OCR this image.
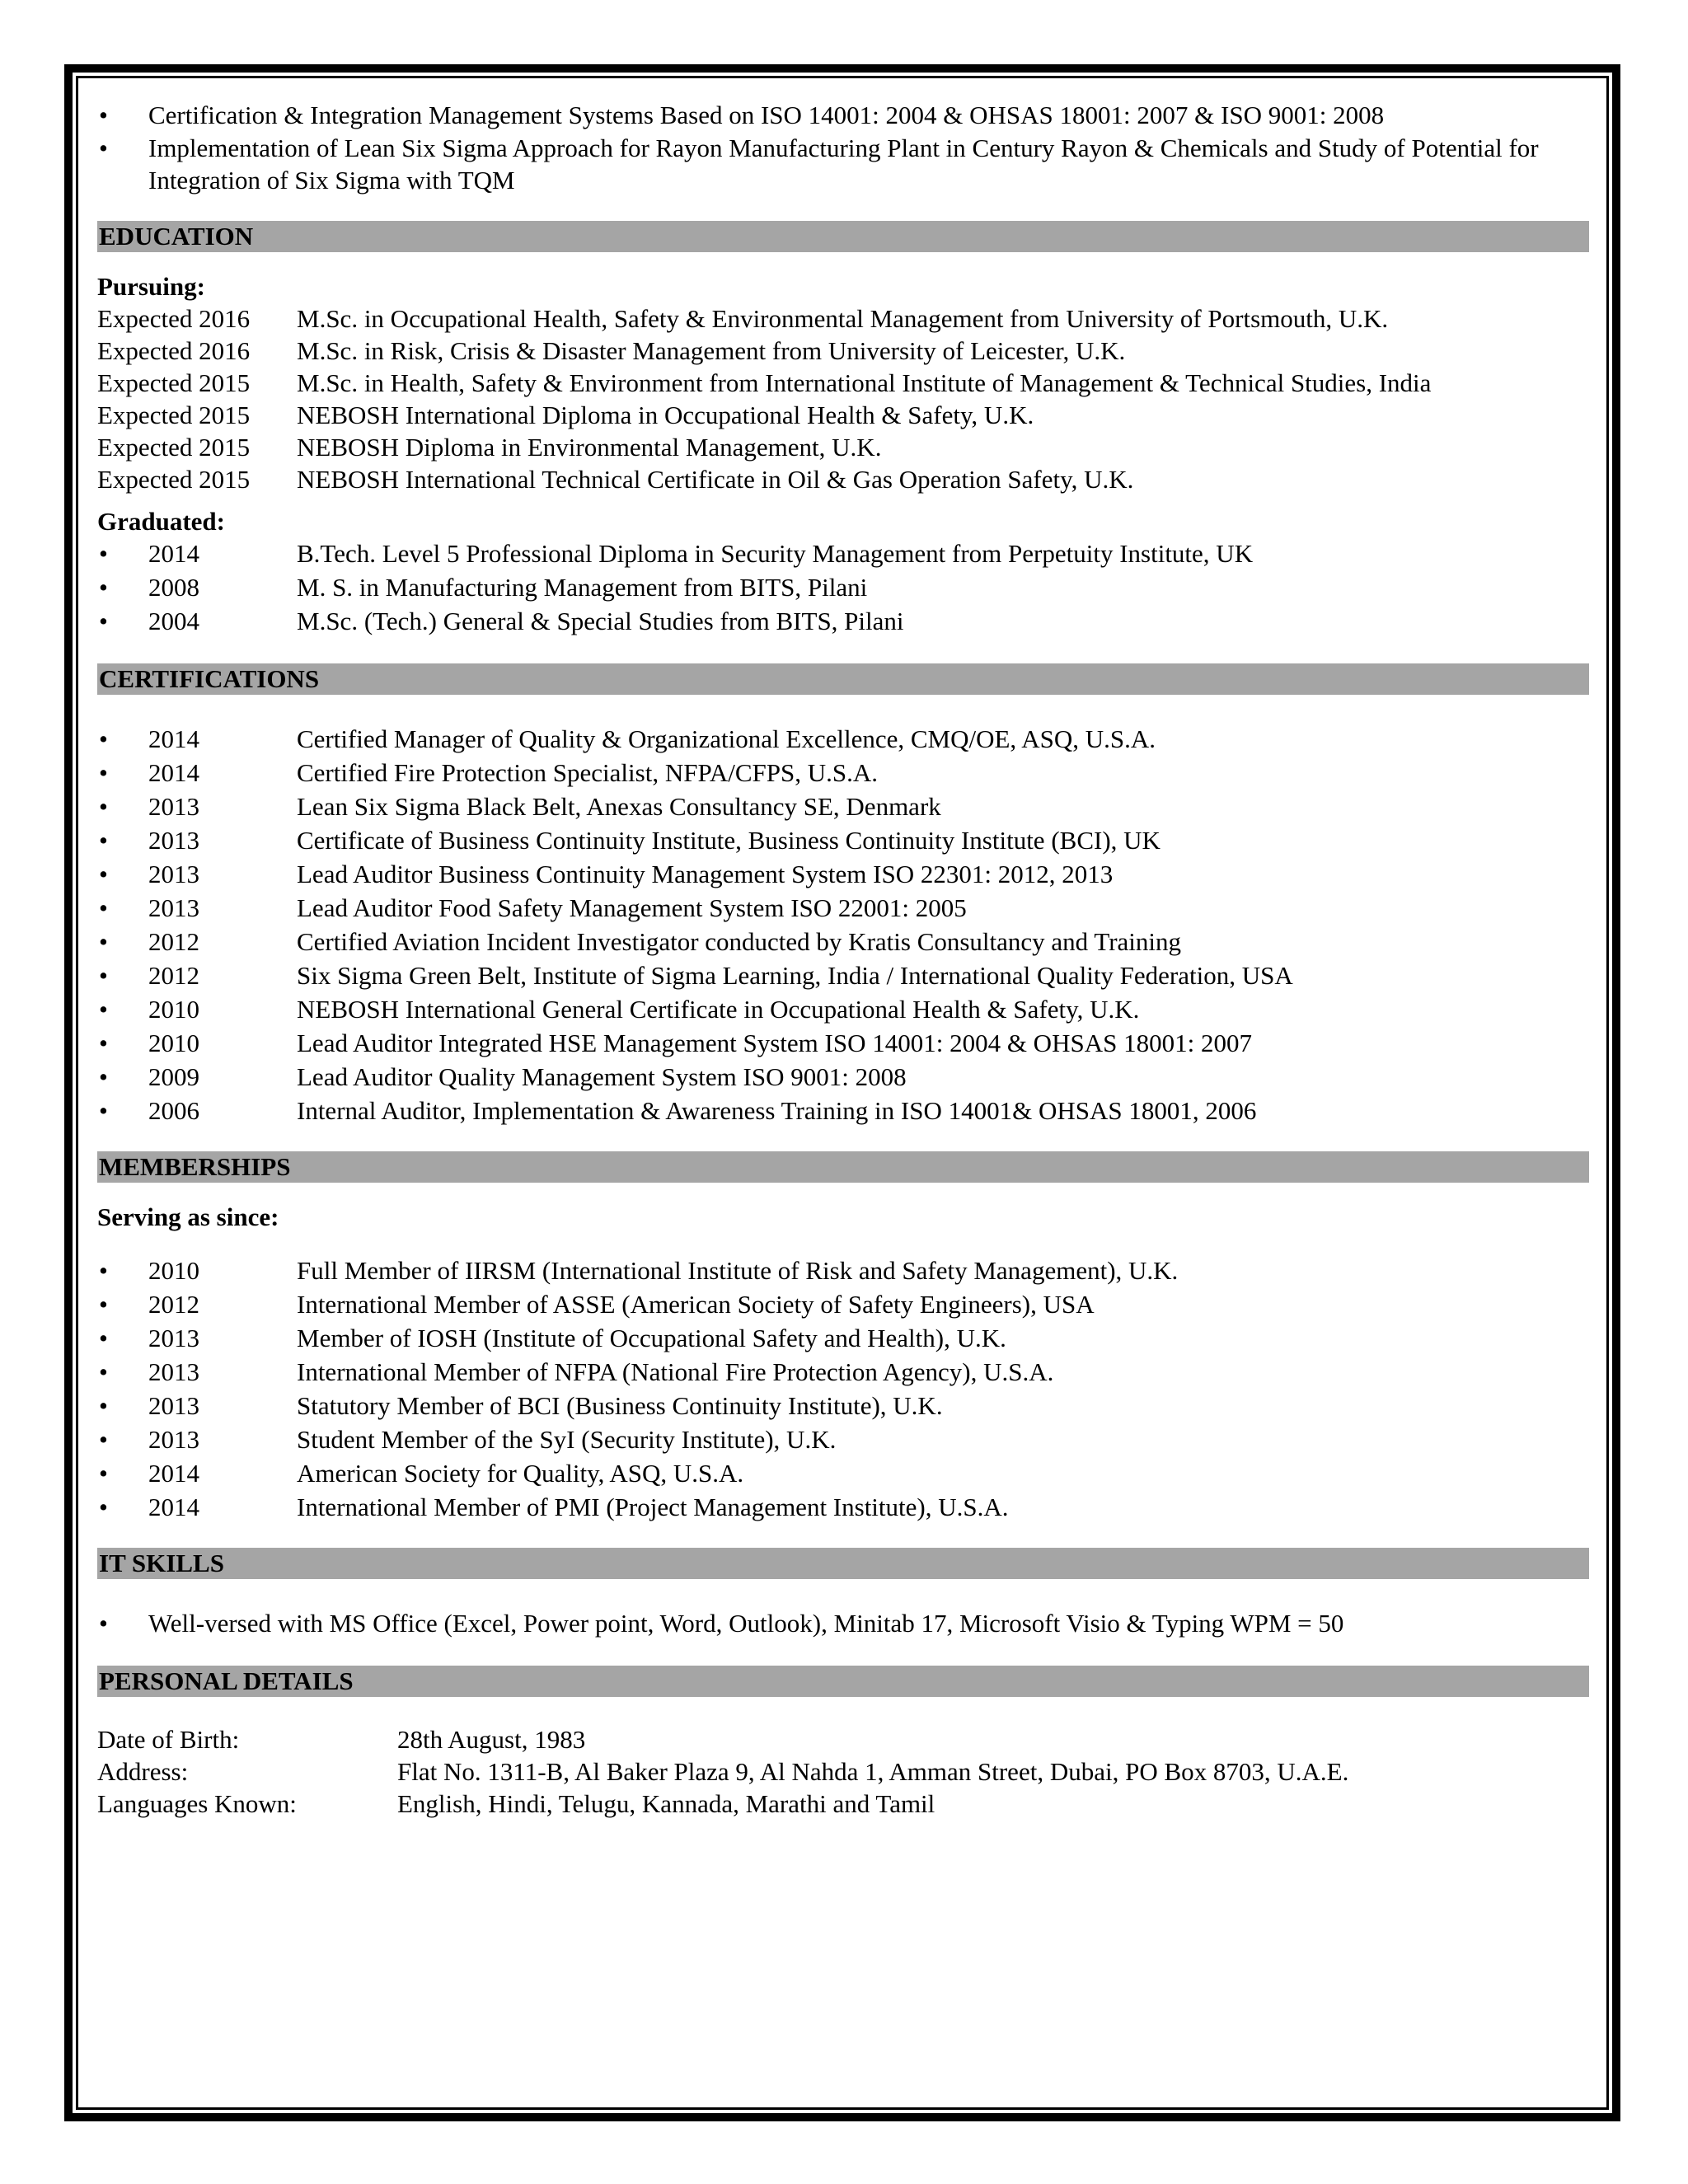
• Certification & Integration Management Systems Based on ISO 14001: 2004 & OHSAS 18001: 2007 & ISO 9001: 2008
• Implementation of Lean Six Sigma Approach for Rayon Manufacturing Plant in Century Rayon & Chemicals and Study of Potential for Integration of Six Sigma with TQM
EDUCATION
Pursuing:
Expected 2016	M.Sc. in Occupational Health, Safety & Environmental Management from University of Portsmouth, U.K.
Expected 2016	M.Sc. in Risk, Crisis & Disaster Management from University of Leicester, U.K.
Expected 2015	M.Sc. in Health, Safety & Environment from International Institute of Management & Technical Studies, India
Expected 2015	NEBOSH International Diploma in Occupational Health & Safety, U.K.
Expected 2015	NEBOSH Diploma in Environmental Management, U.K.
Expected 2015	NEBOSH International Technical Certificate in Oil & Gas Operation Safety, U.K.
Graduated:
• 2014	B.Tech. Level 5 Professional Diploma in Security Management from Perpetuity Institute, UK
• 2008	M. S. in Manufacturing Management from BITS, Pilani
• 2004	M.Sc. (Tech.) General & Special Studies from BITS, Pilani
CERTIFICATIONS
• 2014	Certified Manager of Quality & Organizational Excellence, CMQ/OE, ASQ, U.S.A.
• 2014	Certified Fire Protection Specialist, NFPA/CFPS, U.S.A.
• 2013	Lean Six Sigma Black Belt, Anexas Consultancy SE, Denmark
• 2013	Certificate of Business Continuity Institute, Business Continuity Institute (BCI), UK
• 2013	Lead Auditor Business Continuity Management System ISO 22301: 2012, 2013
• 2013	Lead Auditor Food Safety Management System ISO 22001: 2005
• 2012	Certified Aviation Incident Investigator conducted by Kratis Consultancy and Training
• 2012	Six Sigma Green Belt, Institute of Sigma Learning, India / International Quality Federation, USA
• 2010	NEBOSH International General Certificate in Occupational Health & Safety, U.K.
• 2010	Lead Auditor Integrated HSE Management System ISO 14001: 2004 & OHSAS 18001: 2007
• 2009	Lead Auditor Quality Management System ISO 9001: 2008
• 2006	Internal Auditor, Implementation & Awareness Training in ISO 14001& OHSAS 18001, 2006
MEMBERSHIPS
Serving as since:
• 2010	Full Member of IIRSM (International Institute of Risk and Safety Management), U.K.
• 2012	International Member of ASSE (American Society of Safety Engineers), USA
• 2013	Member of IOSH (Institute of Occupational Safety and Health), U.K.
• 2013	International Member of NFPA (National Fire Protection Agency), U.S.A.
• 2013	Statutory Member of BCI (Business Continuity Institute), U.K.
• 2013	Student Member of the SyI (Security Institute), U.K.
• 2014	American Society for Quality, ASQ, U.S.A.
• 2014	International Member of PMI (Project Management Institute), U.S.A.
IT SKILLS
• Well-versed with MS Office (Excel, Power point, Word, Outlook), Minitab 17, Microsoft Visio & Typing WPM = 50
PERSONAL DETAILS
Date of Birth:	28th August, 1983
Address:	Flat No. 1311-B, Al Baker Plaza 9, Al Nahda 1, Amman Street, Dubai, PO Box 8703, U.A.E.
Languages Known:	English, Hindi, Telugu, Kannada, Marathi and Tamil
